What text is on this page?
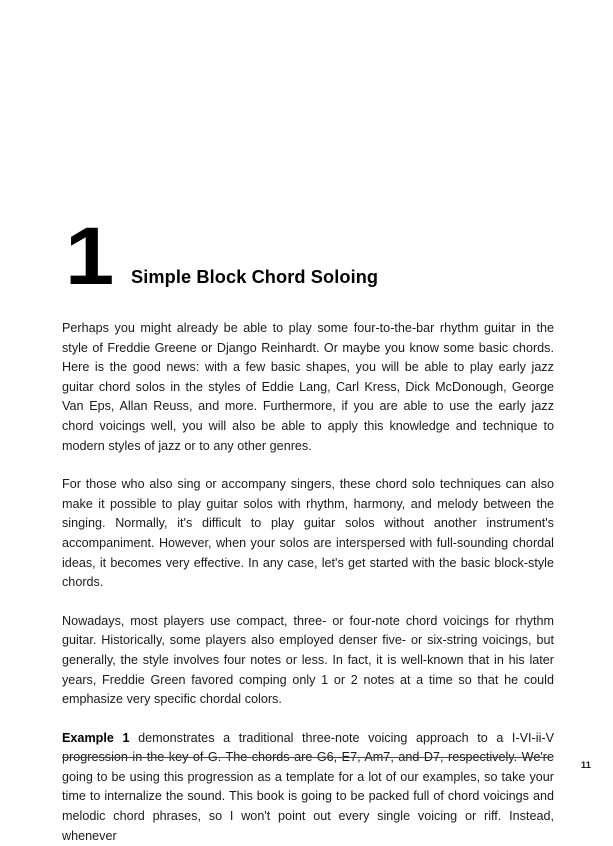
1 Simple Block Chord Soloing

Perhaps you might already be able to play some four-to-the-bar rhythm guitar in the style of Freddie Greene or Django Reinhardt. Or maybe you know some basic chords. Here is the good news: with a few basic shapes, you will be able to play early jazz guitar chord solos in the styles of Eddie Lang, Carl Kress, Dick McDonough, George Van Eps, Allan Reuss, and more. Furthermore, if you are able to use the early jazz chord voicings well, you will also be able to apply this knowledge and technique to modern styles of jazz or to any other genres.

For those who also sing or accompany singers, these chord solo techniques can also make it possible to play guitar solos with rhythm, harmony, and melody between the singing. Normally, it's difficult to play guitar solos without another instrument's accompaniment. However, when your solos are interspersed with full-sounding chordal ideas, it becomes very effective. In any case, let's get started with the basic block-style chords.

Nowadays, most players use compact, three- or four-note chord voicings for rhythm guitar. Historically, some players also employed denser five- or six-string voicings, but generally, the style involves four notes or less. In fact, it is well-known that in his later years, Freddie Green favored comping only 1 or 2 notes at a time so that he could emphasize very specific chordal colors.

Example 1 demonstrates a traditional three-note voicing approach to a I-VI-ii-V progression in the key of G. The chords are G6, E7, Am7, and D7, respectively. We're going to be using this progression as a template for a lot of our examples, so take your time to internalize the sound. This book is going to be packed full of chord voicings and melodic chord phrases, so I won't point out every single voicing or riff. Instead, whenever

11
